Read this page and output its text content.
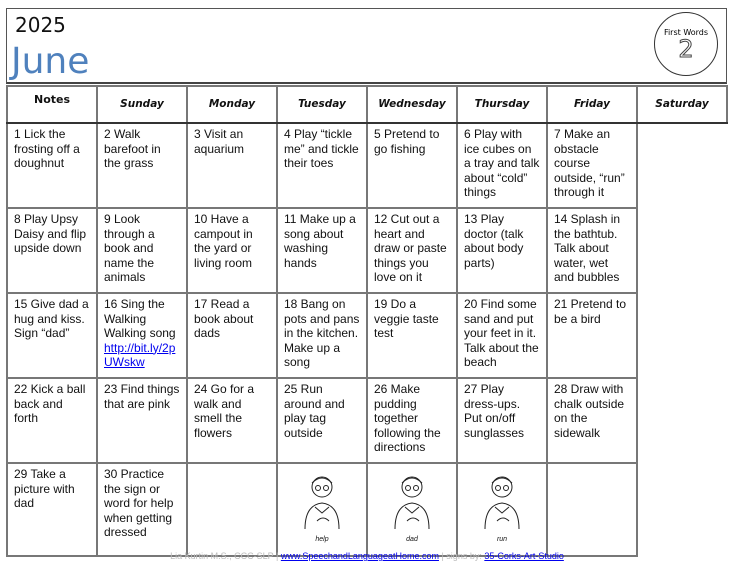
2025
June
First Words
2
Notes	Sunday	Monday	Tuesday	Wednesday	Thursday	Friday	Saturday

1 Lick the frosting off a doughnut	2 Walk barefoot in the grass	3 Visit an aquarium	4 Play “tickle me” and tickle their toes	5 Pretend to go fishing	6 Play with ice cubes on a tray and talk about “cold” things	7 Make an obstacle course outside, “run” through it	

8 Play Upsy Daisy and flip upside down	9 Look through a book and name the animals	10 Have a campout in the yard or living room	11 Make up a song about washing hands	12 Cut out a heart and draw or paste things you love on it	13 Play doctor (talk about body parts)	14 Splash in the bathtub. Talk about water, wet and bubbles	

15 Give dad a hug and kiss. Sign “dad”	16 Sing the Walking Walking song
http://bit.ly/2pUWskw	17 Read a book about dads	18 Bang on pots and pans in the kitchen. Make up a song	19 Do a veggie taste test	20 Find some sand and put your feet in it. Talk about the beach	21 Pretend to be a bird	

22 Kick a ball back and forth	23 Find things that are pink	24 Go for a walk and smell the flowers	25 Run around and play tag outside	26 Make pudding together following the directions	27 Play dress-ups. Put on/off sunglasses	28 Draw with chalk outside on the sidewalk	

29 Take a picture with dad	30 Practice the sign or word for help when getting dressed		help	dad	run		

Lia Kurtin M.S., CCC-SLP | www.SpeechandLanguageatHome.com | signs by: 35-Corks-Art-Studio
